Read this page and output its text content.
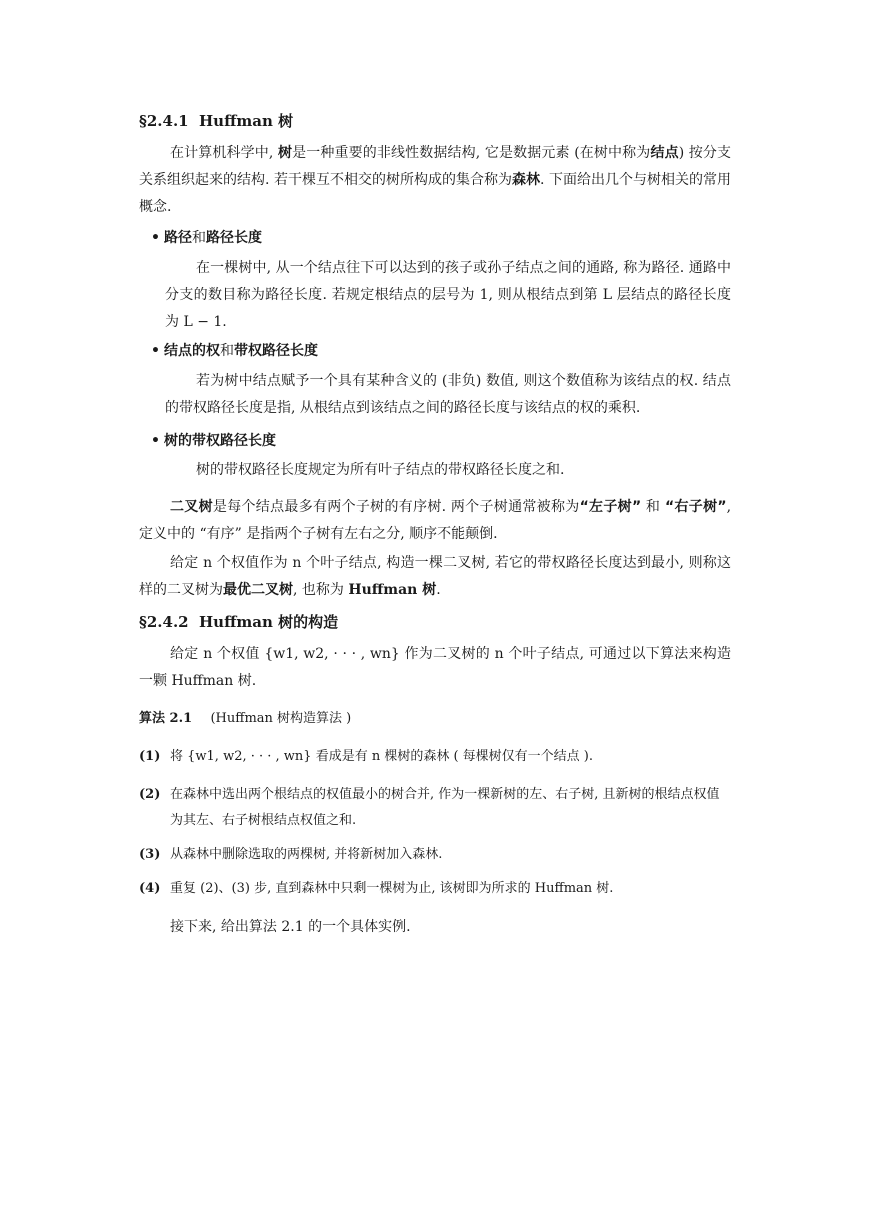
§2.4.1 Huffman 树
在计算机科学中, 树是一种重要的非线性数据结构, 它是数据元素 (在树中称为结点) 按分支关系组织起来的结构. 若干棵互不相交的树所构成的集合称为森林. 下面给出几个与树相关的常用概念.
• 路径和路径长度
在一棵树中, 从一个结点往下可以达到的孩子或孙子结点之间的通路, 称为路径. 通路中分支的数目称为路径长度. 若规定根结点的层号为 1, 则从根结点到第 L 层结点的路径长度为 L − 1.
• 结点的权和带权路径长度
若为树中结点赋予一个具有某种含义的 (非负) 数值, 则这个数值称为该结点的权. 结点的带权路径长度是指, 从根结点到该结点之间的路径长度与该结点的权的乘积.
• 树的带权路径长度
树的带权路径长度规定为所有叶子结点的带权路径长度之和.
二叉树是每个结点最多有两个子树的有序树. 两个子树通常被称为“左子树” 和 “右子树”, 定义中的 “有序” 是指两个子树有左右之分, 顺序不能颠倒.
给定 n 个权值作为 n 个叶子结点, 构造一棵二叉树, 若它的带权路径长度达到最小, 则称这样的二叉树为最优二叉树, 也称为 Huffman 树.
§2.4.2 Huffman 树的构造
给定 n 个权值 {w1, w2, · · · , wn} 作为二叉树的 n 个叶子结点, 可通过以下算法来构造一颗 Huffman 树.
算法 2.1 (Huffman 树构造算法 )
(1) 将 {w1, w2, · · · , wn} 看成是有 n 棵树的森林 ( 每棵树仅有一个结点 ).
(2) 在森林中选出两个根结点的权值最小的树合并, 作为一棵新树的左、右子树, 且新树的根结点权值为其左、右子树根结点权值之和.
(3) 从森林中删除选取的两棵树, 并将新树加入森林.
(4) 重复 (2)、(3) 步, 直到森林中只剩一棵树为止, 该树即为所求的 Huffman 树.
接下来, 给出算法 2.1 的一个具体实例.
